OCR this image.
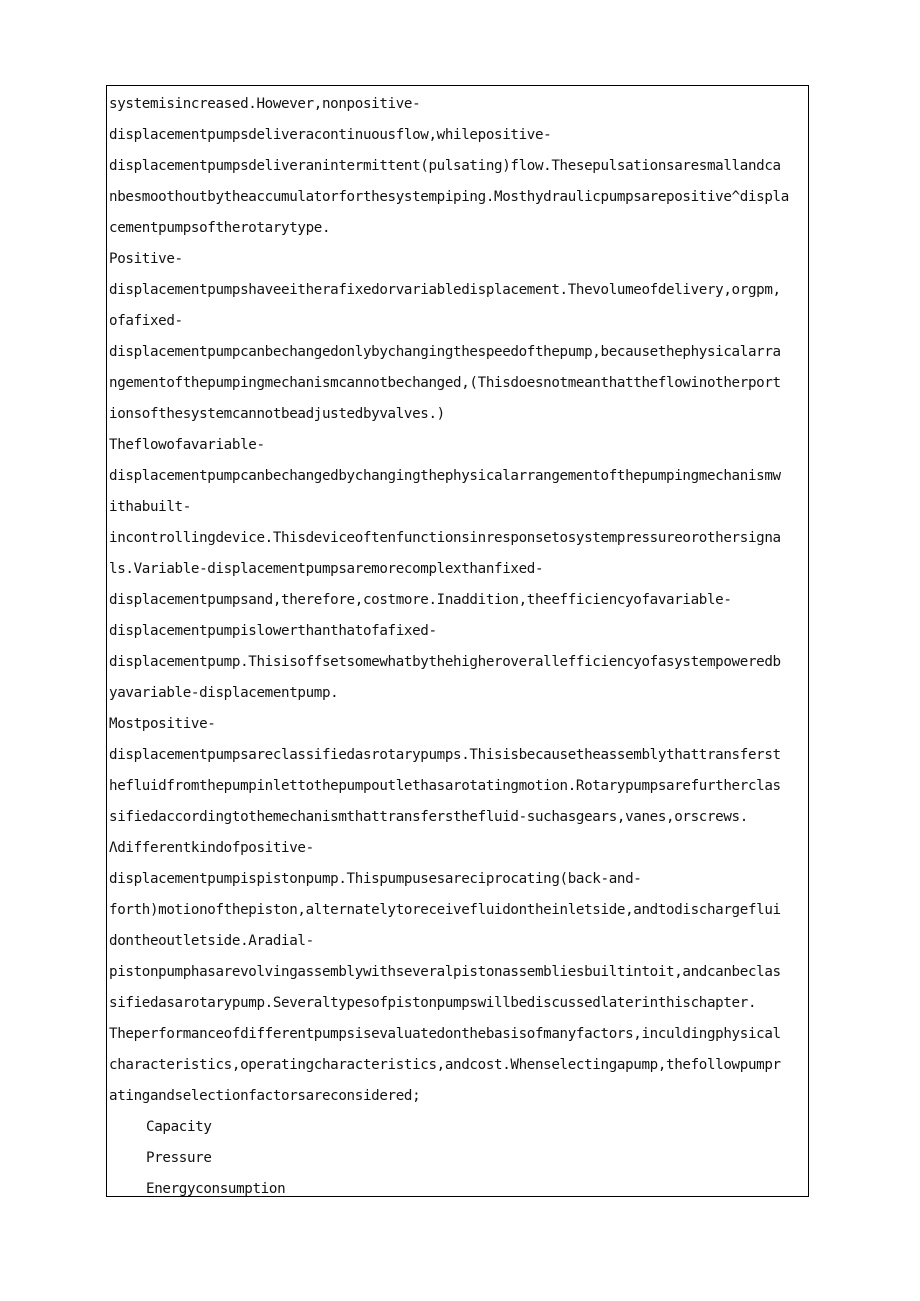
systemisincreased.However,nonpositive-
displacementpumpsdeliveracontinuousflow,whilepositive-
displacementpumpsdeliveranintermittent(pulsating)flow.Thesepulsationsaresmallandca
nbesmoothoutbytheaccumulatorforthesystempiping.Mosthydraulicpumpsarepositive^displa
cementpumpsoftherotarytype.
Positive-
displacementpumpshaveeitherafixedorvariabledisplacement.Thevolumeofdelivery,orgpm,
ofafixed-
displacementpumpcanbechangedonlybychangingthespeedofthepump,becausethephysicalarra
ngementofthepumpingmechanismcannotbechanged,(Thisdoesnotmeanthattheflowinotherport
ionsofthesystemcannotbeadjustedbyvalves.)
Theflowofavariable-
displacementpumpcanbechangedbychangingthephysicalarrangementofthepumpingmechanismw
ithabuilt-
incontrollingdevice.Thisdeviceoftenfunctionsinresponsetosystempressureorothersigna
ls.Variable-displacementpumpsaremorecomplexthanfixed-
displacementpumpsand,therefore,costmore.Inaddition,theefficiencyofavariable-
displacementpumpislowerthanthatofafixed-
displacementpump.Thisisoffsetsomewhatbythehigheroverallefficiencyofasystempoweredb
yavariable-displacementpump.
Mostpositive-
displacementpumpsareclassifiedasrotarypumps.Thisisbecausetheassemblythattransferst
hefluidfromthepumpinlettothepumpoutlethasarotatingmotion.Rotarypumpsarefurtherclas
sifiedaccordingtothemechanismthattransfersthefluid-suchasgears,vanes,orscrews.
Λdifferentkindofpositive-
displacementpumpispistonpump.Thispumpusesareciprocating(back-and-
forth)motionofthepiston,alternatelytoreceivefluidontheinletside,andtodischargeflui
dontheoutletside.Aradial-
pistonpumphasarevolvingassemblywithseveralpistonassembliesbuiltintoit,andcanbeclas
sifiedasarotarypump.Severaltypesofpistonpumpswillbediscussedlaterinthischapter.
Theperformanceofdifferentpumpsisevaluatedonthebasisofmanyfactors,inculdingphysical
characteristics,operatingcharacteristics,andcost.Whenselectingapump,thefollowpumpr
atingandselectionfactorsareconsidered;
Capacity
Pressure
Energyconsumption
